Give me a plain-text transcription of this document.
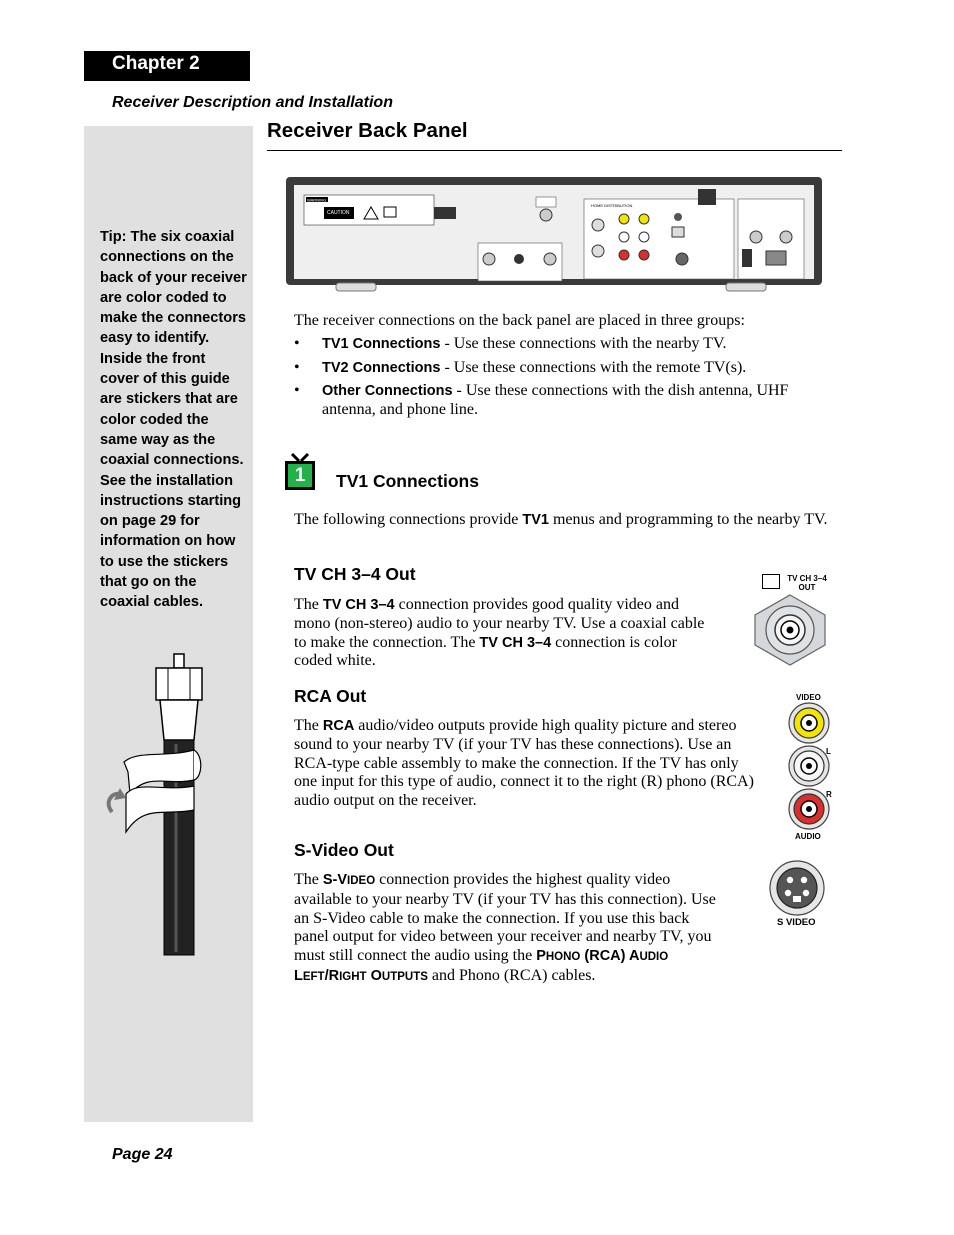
Chapter 2
Receiver Description and Installation
Tip: The six coaxial connections on the back of your receiver are color coded to make the connectors easy to identify. Inside the front cover of this guide are stickers that are color coded the same way as the coaxial connections. See the installation instructions starting on page 29 for information on how to use the stickers that go on the coaxial cables.
Receiver Back Panel
WARNING
CAUTION
HOME DISTRIBUTION
The receiver connections on the back panel are placed in three groups:
• TV1 Connections - Use these connections with the nearby TV.
• TV2 Connections - Use these connections with the remote TV(s).
• Other Connections - Use these connections with the dish antenna, UHF antenna, and phone line.
1	TV1 Connections
The following connections provide TV1 menus and programming to the nearby TV.
TV CH 3–4 Out
The TV CH 3–4 connection provides good quality video and mono (non-stereo) audio to your nearby TV. Use a coaxial cable to make the connection. The TV CH 3–4 connection is color coded white.
TV CH 3–4
OUT
RCA Out
The RCA audio/video outputs provide high quality picture and stereo sound to your nearby TV (if your TV has these connections). Use an RCA-type cable assembly to make the connection. If the TV has only one input for this type of audio, connect it to the right (R) phono (RCA) audio output on the receiver.
VIDEO
L
R
AUDIO
S-Video Out
The S-VIDEO connection provides the highest quality video available to your nearby TV (if your TV has this connection). Use an S-Video cable to make the connection. If you use this back panel output for video between your receiver and nearby TV, you must still connect the audio using the PHONO (RCA) AUDIO LEFT/RIGHT OUTPUTS and Phono (RCA) cables.
S VIDEO
Page 24
